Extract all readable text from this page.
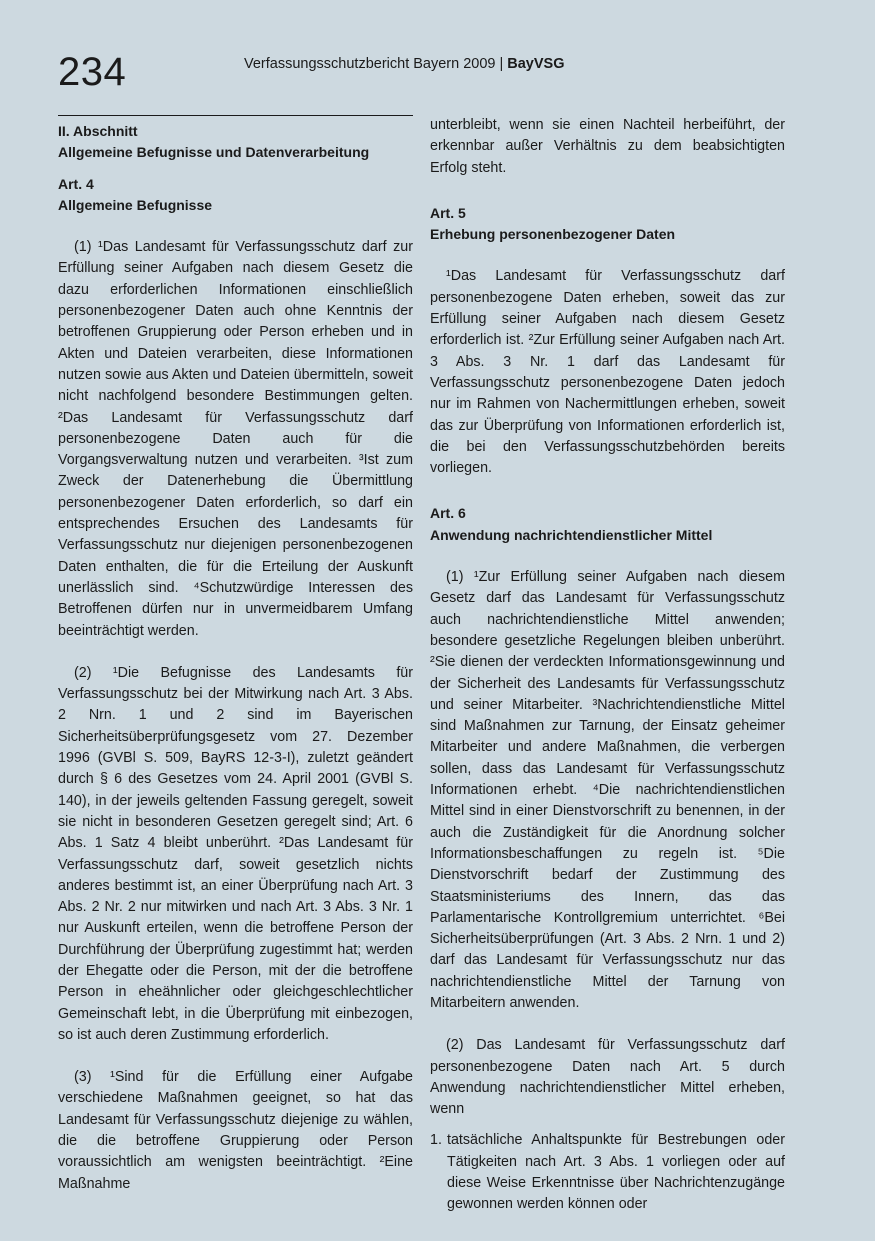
234	Verfassungsschutzbericht Bayern 2009 | BayVSG
II. Abschnitt
Allgemeine Befugnisse und Datenverarbeitung
Art. 4
Allgemeine Befugnisse

(1) ¹Das Landesamt für Verfassungsschutz darf zur Erfüllung seiner Aufgaben nach diesem Gesetz die dazu erforderlichen Informationen einschließlich personenbezogener Daten auch ohne Kenntnis der betroffenen Gruppierung oder Person erheben und in Akten und Dateien verarbeiten, diese Informationen nutzen sowie aus Akten und Dateien übermitteln, soweit nicht nachfolgend besondere Bestimmungen gelten. ²Das Landesamt für Verfassungsschutz darf personenbezogene Daten auch für die Vorgangsverwaltung nutzen und verarbeiten. ³Ist zum Zweck der Datenerhebung die Übermittlung personenbezogener Daten erforderlich, so darf ein entsprechendes Ersuchen des Landesamts für Verfassungsschutz nur diejenigen personenbezogenen Daten enthalten, die für die Erteilung der Auskunft unerlässlich sind. ⁴Schutzwürdige Interessen des Betroffenen dürfen nur in unvermeidbarem Umfang beeinträchtigt werden.

(2) ¹Die Befugnisse des Landesamts für Verfassungsschutz bei der Mitwirkung nach Art. 3 Abs. 2 Nrn. 1 und 2 sind im Bayerischen Sicherheitsüberprüfungsgesetz vom 27. Dezember 1996 (GVBl S. 509, BayRS 12-3-I), zuletzt geändert durch § 6 des Gesetzes vom 24. April 2001 (GVBl S. 140), in der jeweils geltenden Fassung geregelt, soweit sie nicht in besonderen Gesetzen geregelt sind; Art. 6 Abs. 1 Satz 4 bleibt unberührt. ²Das Landesamt für Verfassungsschutz darf, soweit gesetzlich nichts anderes bestimmt ist, an einer Überprüfung nach Art. 3 Abs. 2 Nr. 2 nur mitwirken und nach Art. 3 Abs. 3 Nr. 1 nur Auskunft erteilen, wenn die betroffene Person der Durchführung der Überprüfung zugestimmt hat; werden der Ehegatte oder die Person, mit der die betroffene Person in eheähnlicher oder gleichgeschlechtlicher Gemeinschaft lebt, in die Überprüfung mit einbezogen, so ist auch deren Zustimmung erforderlich.

(3) ¹Sind für die Erfüllung einer Aufgabe verschiedene Maßnahmen geeignet, so hat das Landesamt für Verfassungsschutz diejenige zu wählen, die die betroffene Gruppierung oder Person voraussichtlich am wenigsten beeinträchtigt. ²Eine Maßnahme

unterbleibt, wenn sie einen Nachteil herbeiführt, der erkennbar außer Verhältnis zu dem beabsichtigten Erfolg steht.

Art. 5
Erhebung personenbezogener Daten

¹Das Landesamt für Verfassungsschutz darf personenbezogene Daten erheben, soweit das zur Erfüllung seiner Aufgaben nach diesem Gesetz erforderlich ist. ²Zur Erfüllung seiner Aufgaben nach Art. 3 Abs. 3 Nr. 1 darf das Landesamt für Verfassungsschutz personenbezogene Daten jedoch nur im Rahmen von Nachermittlungen erheben, soweit das zur Überprüfung von Informationen erforderlich ist, die bei den Verfassungsschutzbehörden bereits vorliegen.

Art. 6
Anwendung nachrichtendienstlicher Mittel

(1) ¹Zur Erfüllung seiner Aufgaben nach diesem Gesetz darf das Landesamt für Verfassungsschutz auch nachrichtendienstliche Mittel anwenden; besondere gesetzliche Regelungen bleiben unberührt. ²Sie dienen der verdeckten Informationsgewinnung und der Sicherheit des Landesamts für Verfassungsschutz und seiner Mitarbeiter. ³Nachrichtendienstliche Mittel sind Maßnahmen zur Tarnung, der Einsatz geheimer Mitarbeiter und andere Maßnahmen, die verbergen sollen, dass das Landesamt für Verfassungsschutz Informationen erhebt. ⁴Die nachrichtendienstlichen Mittel sind in einer Dienstvorschrift zu benennen, in der auch die Zuständigkeit für die Anordnung solcher Informationsbeschaffungen zu regeln ist. ⁵Die Dienstvorschrift bedarf der Zustimmung des Staatsministeriums des Innern, das das Parlamentarische Kontrollgremium unterrichtet. ⁶Bei Sicherheitsüberprüfungen (Art. 3 Abs. 2 Nrn. 1 und 2) darf das Landesamt für Verfassungsschutz nur das nachrichtendienstliche Mittel der Tarnung von Mitarbeitern anwenden.

(2) Das Landesamt für Verfassungsschutz darf personenbezogene Daten nach Art. 5 durch Anwendung nachrichtendienstlicher Mittel erheben, wenn

1. tatsächliche Anhaltspunkte für Bestrebungen oder Tätigkeiten nach Art. 3 Abs. 1 vorliegen oder auf diese Weise Erkenntnisse über Nachrichtenzugänge gewonnen werden können oder
